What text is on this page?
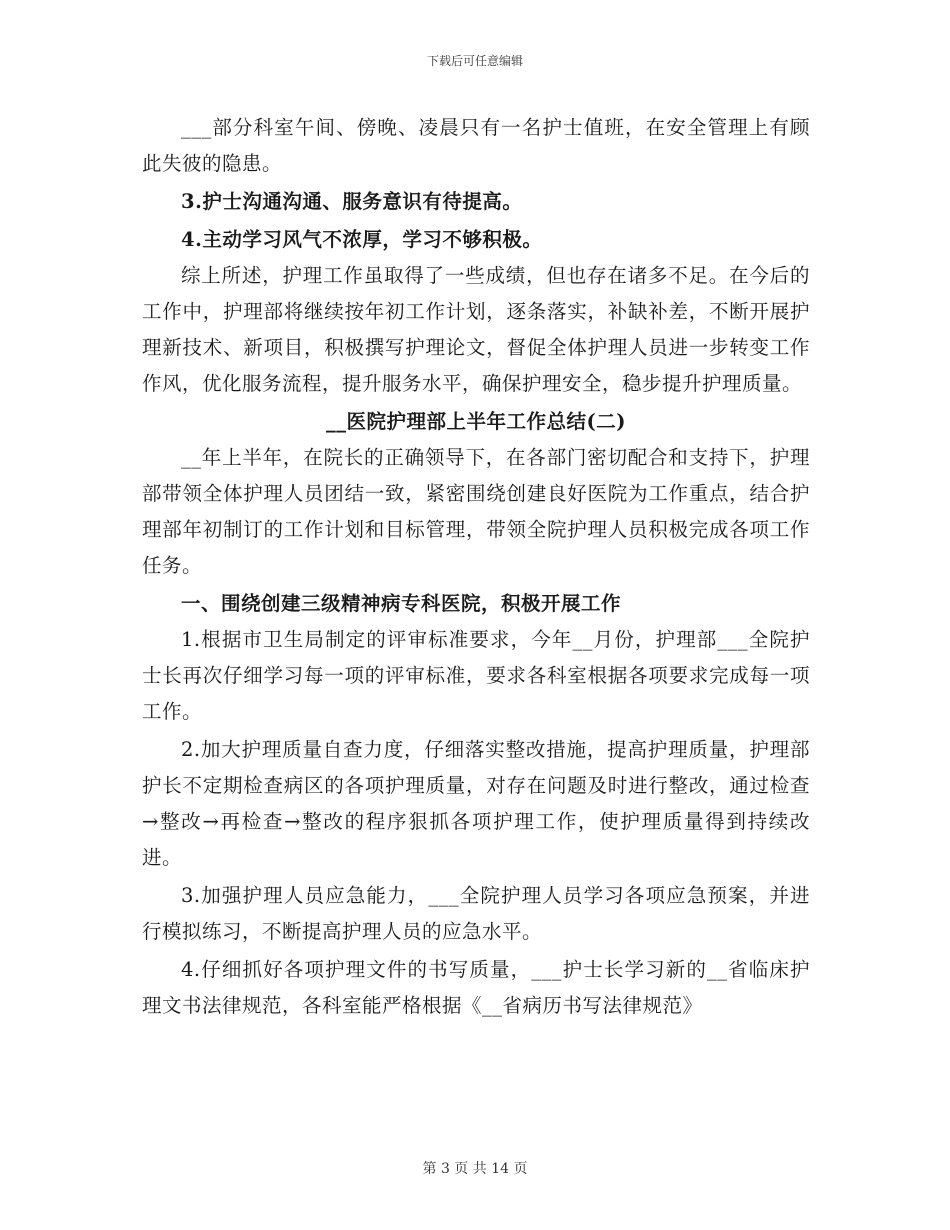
下载后可任意编辑

___部分科室午间、傍晚、凌晨只有一名护士值班，在安全管理上有顾此失彼的隐患。

3.护士沟通沟通、服务意识有待提高。

4.主动学习风气不浓厚，学习不够积极。

综上所述，护理工作虽取得了一些成绩，但也存在诸多不足。在今后的工作中，护理部将继续按年初工作计划，逐条落实，补缺补差，不断开展护理新技术、新项目，积极撰写护理论文，督促全体护理人员进一步转变工作作风，优化服务流程，提升服务水平，确保护理安全，稳步提升护理质量。

__医院护理部上半年工作总结(二)

__年上半年，在院长的正确领导下，在各部门密切配合和支持下，护理部带领全体护理人员团结一致，紧密围绕创建良好医院为工作重点，结合护理部年初制订的工作计划和目标管理，带领全院护理人员积极完成各项工作任务。

一、围绕创建三级精神病专科医院，积极开展工作

1.根据市卫生局制定的评审标准要求，今年__月份，护理部___全院护士长再次仔细学习每一项的评审标准，要求各科室根据各项要求完成每一项工作。

2.加大护理质量自查力度，仔细落实整改措施，提高护理质量，护理部护长不定期检查病区的各项护理质量，对存在问题及时进行整改，通过检查→整改→再检查→整改的程序狠抓各项护理工作，使护理质量得到持续改进。

3.加强护理人员应急能力，___全院护理人员学习各项应急预案，并进行模拟练习，不断提高护理人员的应急水平。

4.仔细抓好各项护理文件的书写质量，___护士长学习新的__省临床护理文书法律规范，各科室能严格根据《__省病历书写法律规范》

第 3 页 共 14 页
